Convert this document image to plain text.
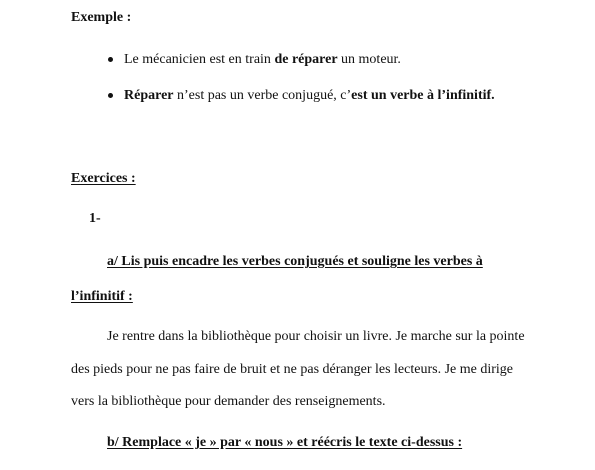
Exemple :
Le mécanicien est en train de réparer un moteur.
Réparer n’est pas un verbe conjugué, c’est un verbe à l’infinitif.
Exercices :
1-
a/ Lis puis encadre les verbes conjugués et souligne les verbes à
l’infinitif :
Je rentre dans la bibliothèque pour choisir un livre. Je marche sur la pointe
des pieds pour ne pas faire de bruit et ne pas déranger les lecteurs. Je me dirige
vers la bibliothèque pour demander des renseignements.
b/ Remplace « je » par « nous » et réécris le texte ci-dessus :
